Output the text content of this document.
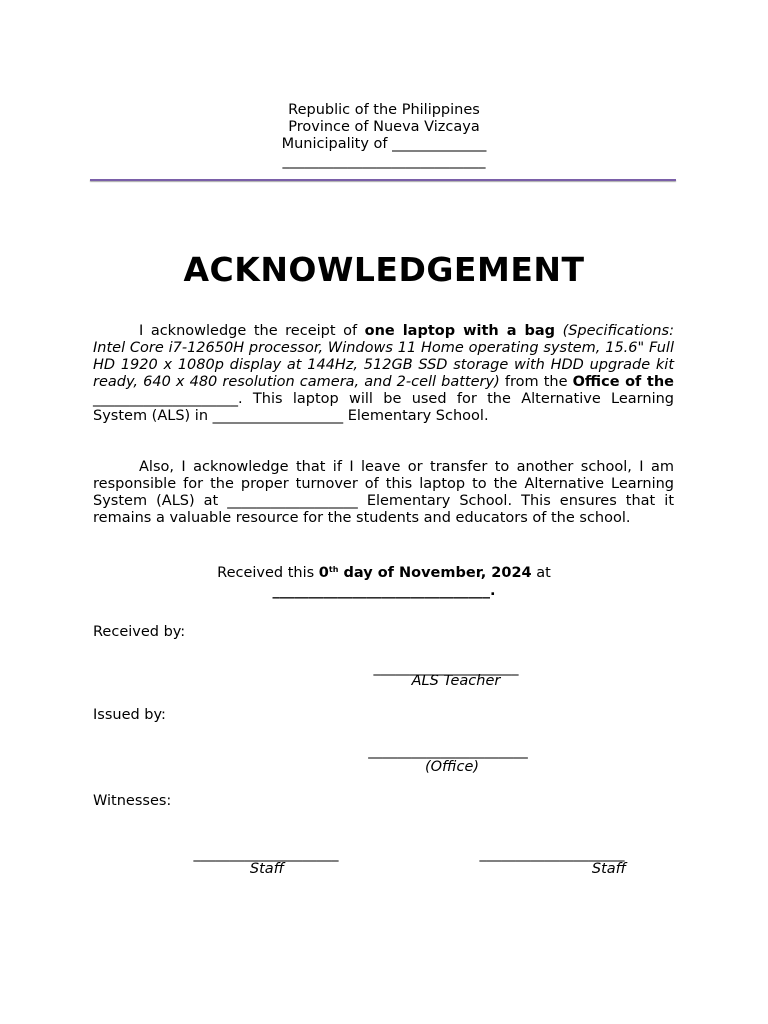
Republic of the Philippines
Province of Nueva Vizcaya
Municipality of _____________
____________________________
ACKNOWLEDGEMENT

I acknowledge the receipt of one laptop with a bag (Specifications: Intel Core i7-12650H processor, Windows 11 Home operating system, 15.6" Full HD 1920 x 1080p display at 144Hz, 512GB SSD storage with HDD upgrade kit ready, 640 x 480 resolution camera, and 2-cell battery) from the Office of the ____________________. This laptop will be used for the Alternative Learning System (ALS) in __________________ Elementary School.

Also, I acknowledge that if I leave or transfer to another school, I am responsible for the proper turnover of this laptop to the Alternative Learning System (ALS) at __________________ Elementary School. This ensures that it remains a valuable resource for the students and educators of the school.

Received this 0th day of November, 2024 at
______________________________.
Received by:
____________________
ALS Teacher
Issued by:
______________________
(Office)
Witnesses:
____________________
Staff
____________________
Staff
